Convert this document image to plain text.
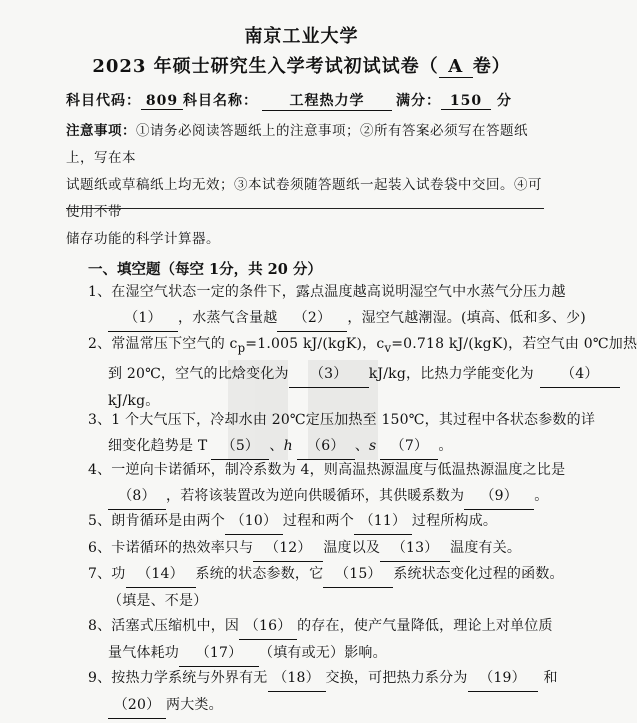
南京工业大学
2023 年硕士研究生入学考试初试试卷（ A 卷）
科目代码： 809 科目名称： 工程热力学 满分： 150 分
注意事项：①请务必阅读答题纸上的注意事项；②所有答案必须写在答题纸上，写在本
试题纸或草稿纸上均无效；③本试卷须随答题纸一起装入试卷袋中交回。④可使用不带
储存功能的科学计算器。
一、填空题（每空 1分，共 20 分）
1、在湿空气状态一定的条件下，露点温度越高说明湿空气中水蒸气分压力越
（1） ，水蒸气含量越 （2） ，湿空气越潮湿。(填高、低和多、少)
2、常温常压下空气的 $c_p=1.005$ kJ/(kgK)，$c_v=0.718$ kJ/(kgK)，若空气由 0℃加热
到 20℃，空气的比焓变化为 （3） kJ/kg，比热力学能变化为 （4）
kJ/kg。
3、1 个大气压下，冷却水由 20℃定压加热至 150℃，其过程中各状态参数的详
细变化趋势是 T （5） 、h （6） 、s （7） 。
4、一逆向卡诺循环，制冷系数为 4，则高温热源温度与低温热源温度之比是
（8） ，若将该装置改为逆向供暖循环，其供暖系数为 （9） 。
5、朗肯循环是由两个 （10） 过程和两个 （11） 过程所构成。
6、卡诺循环的热效率只与 （12） 温度以及 （13） 温度有关。
7、功 （14） 系统的状态参数，它 （15） 系统状态变化过程的函数。
（填是、不是）
8、活塞式压缩机中，因 （16） 的存在，使产气量降低，理论上对单位质
量气体耗功 （17） （填有或无）影响。
9、按热力学系统与外界有无 （18） 交换，可把热力系分为 （19） 和
（20） 两大类。
